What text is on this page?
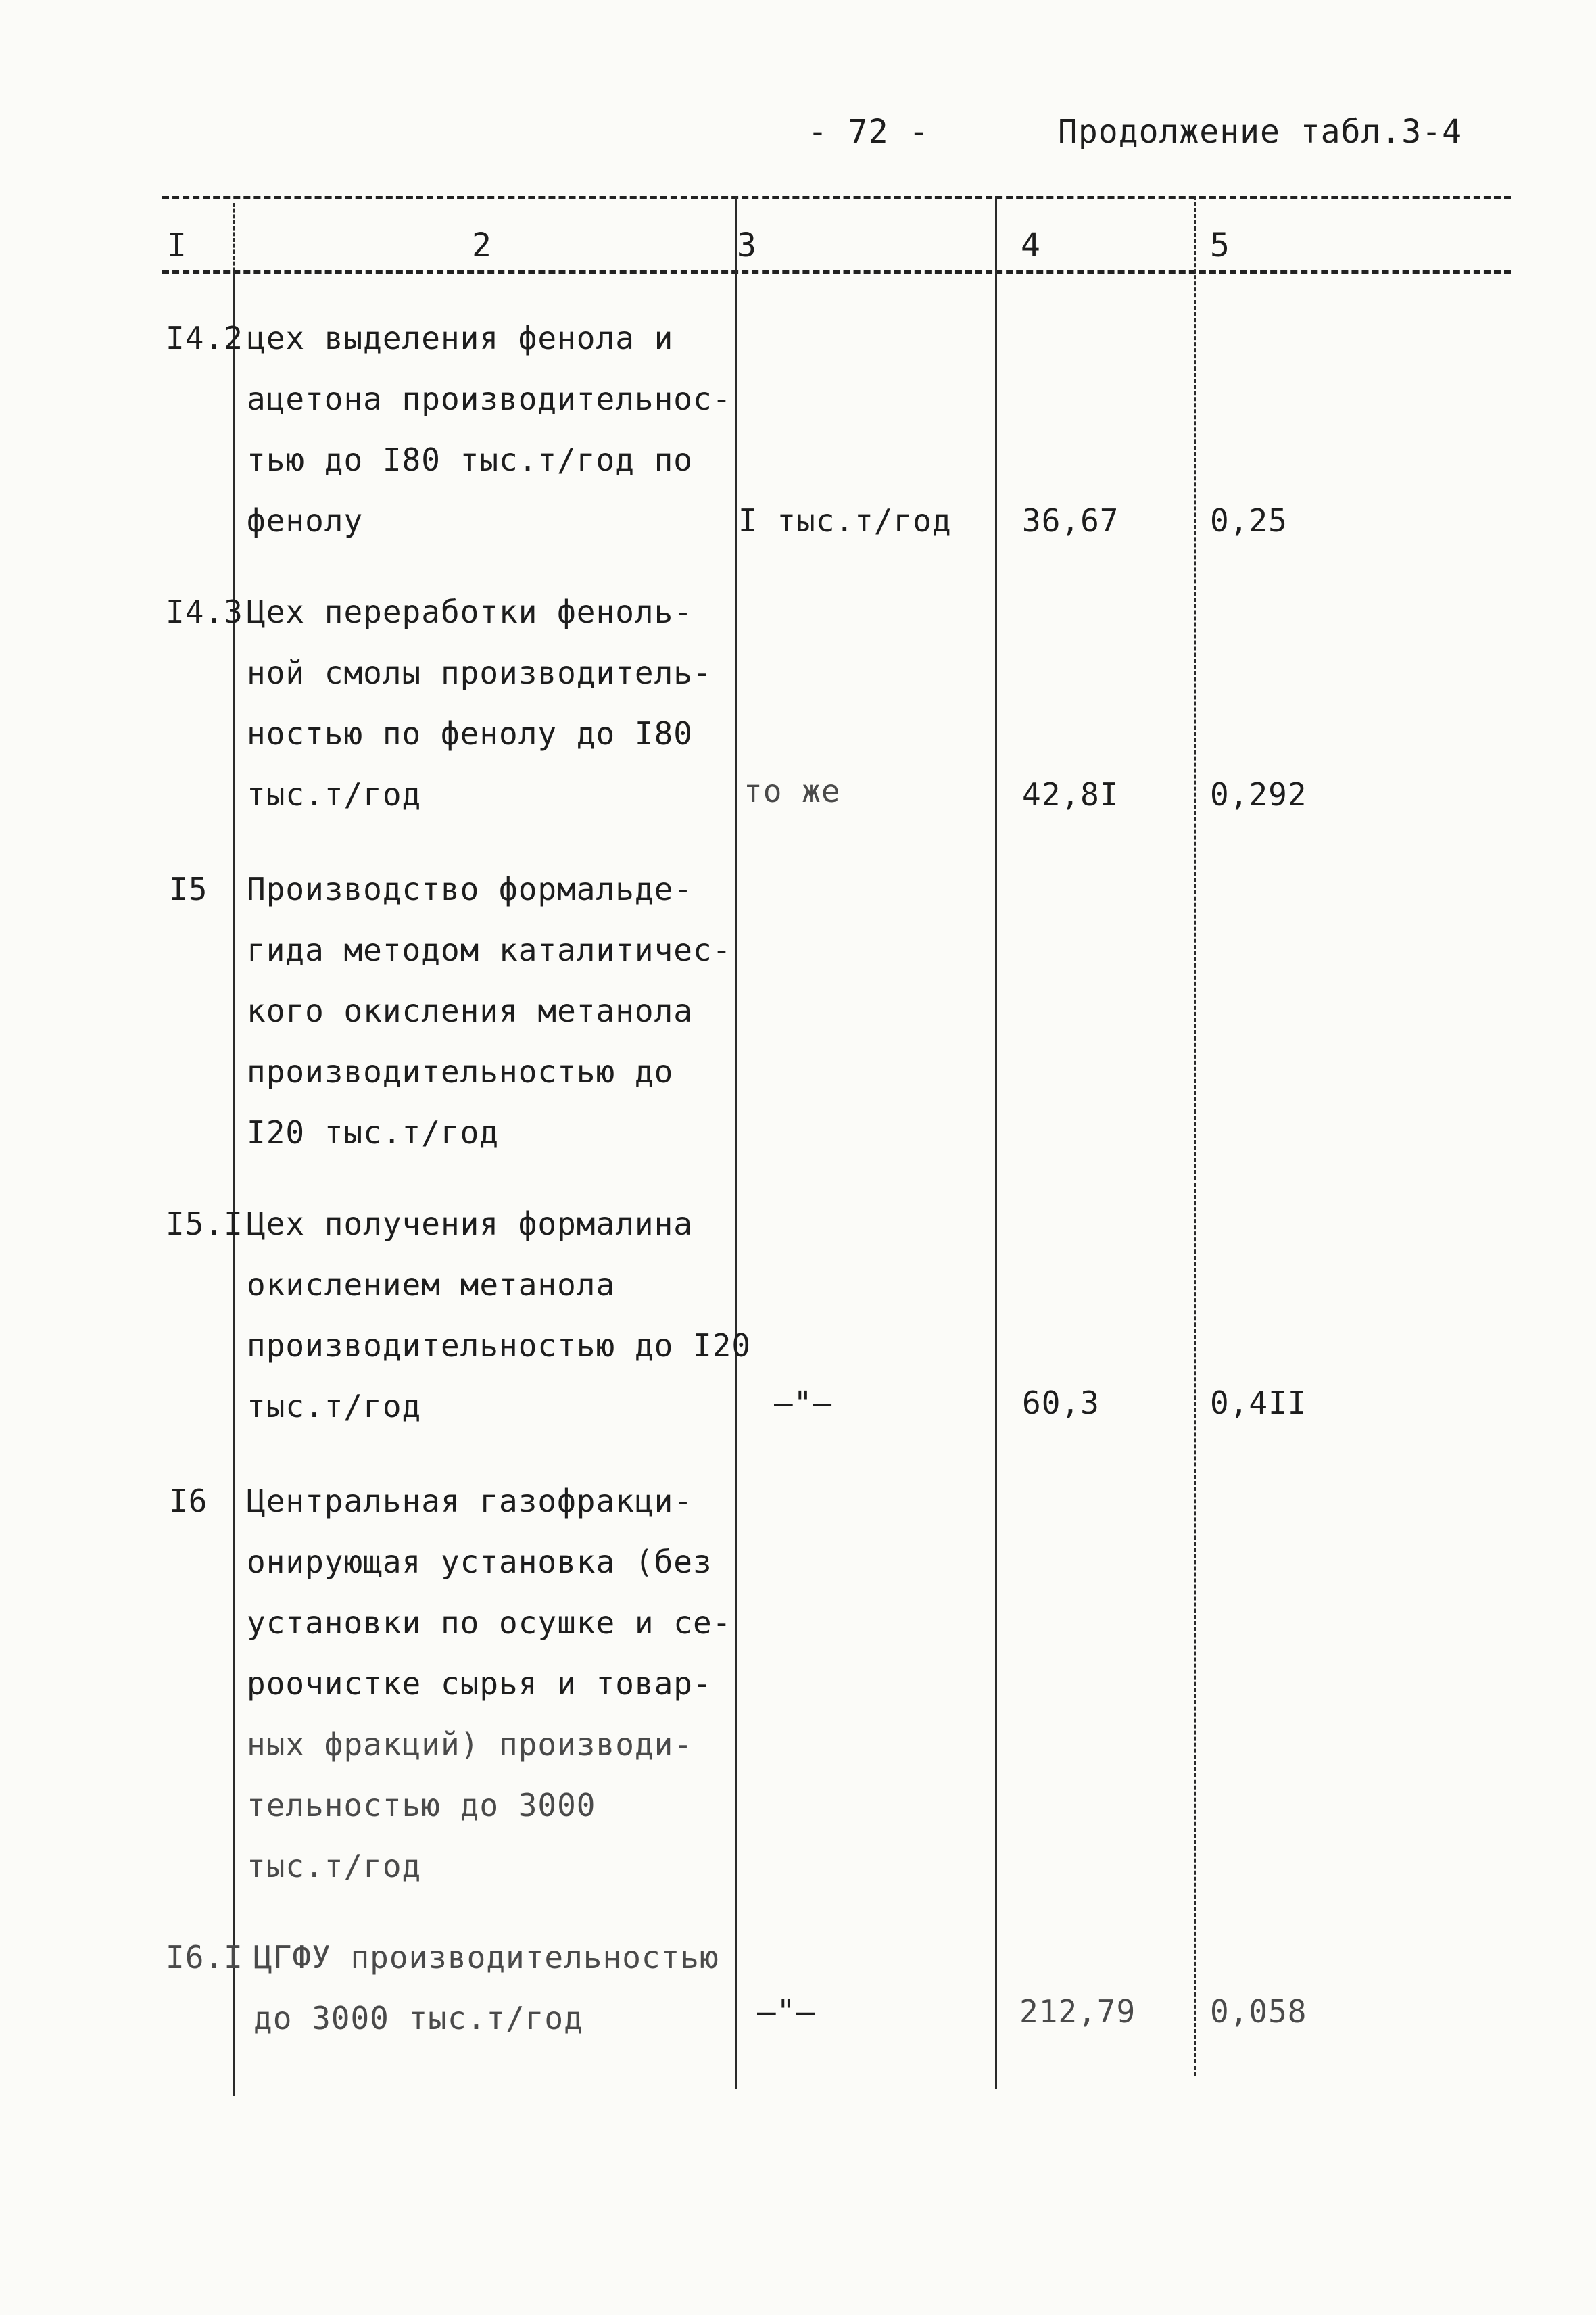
- 72 -	Продолжение табл.3-4
I	2	3	4	5
I4.2 цех выделения фенола и
ацетона производительнос-
тью до I80 тыс.т/год по
фенолу	I тыс.т/год 36,67	0,25
I4.3 Цех переработки феноль-
ной смолы производитель-
ностью по фенолу до I80
тыс.т/год	то же	42,8I	0,292
I5 Производство формальде-
гида методом каталитичес-
кого окисления метанола
производительностью до
I20 тыс.т/год
I5.I Цех получения формалина
окислением метанола
производительностью до I20
тыс.т/год	–"–	60,3	0,4II
I6 Центральная газофракци-
онирующая установка (без
установки по осушке и се-
роочистке сырья и товар-
ных фракций) производи-
тельностью до 3000
тыс.т/год
I6.I ЦГФУ производительностью
до 3000 тыс.т/год	–"–	212,79 0,058
